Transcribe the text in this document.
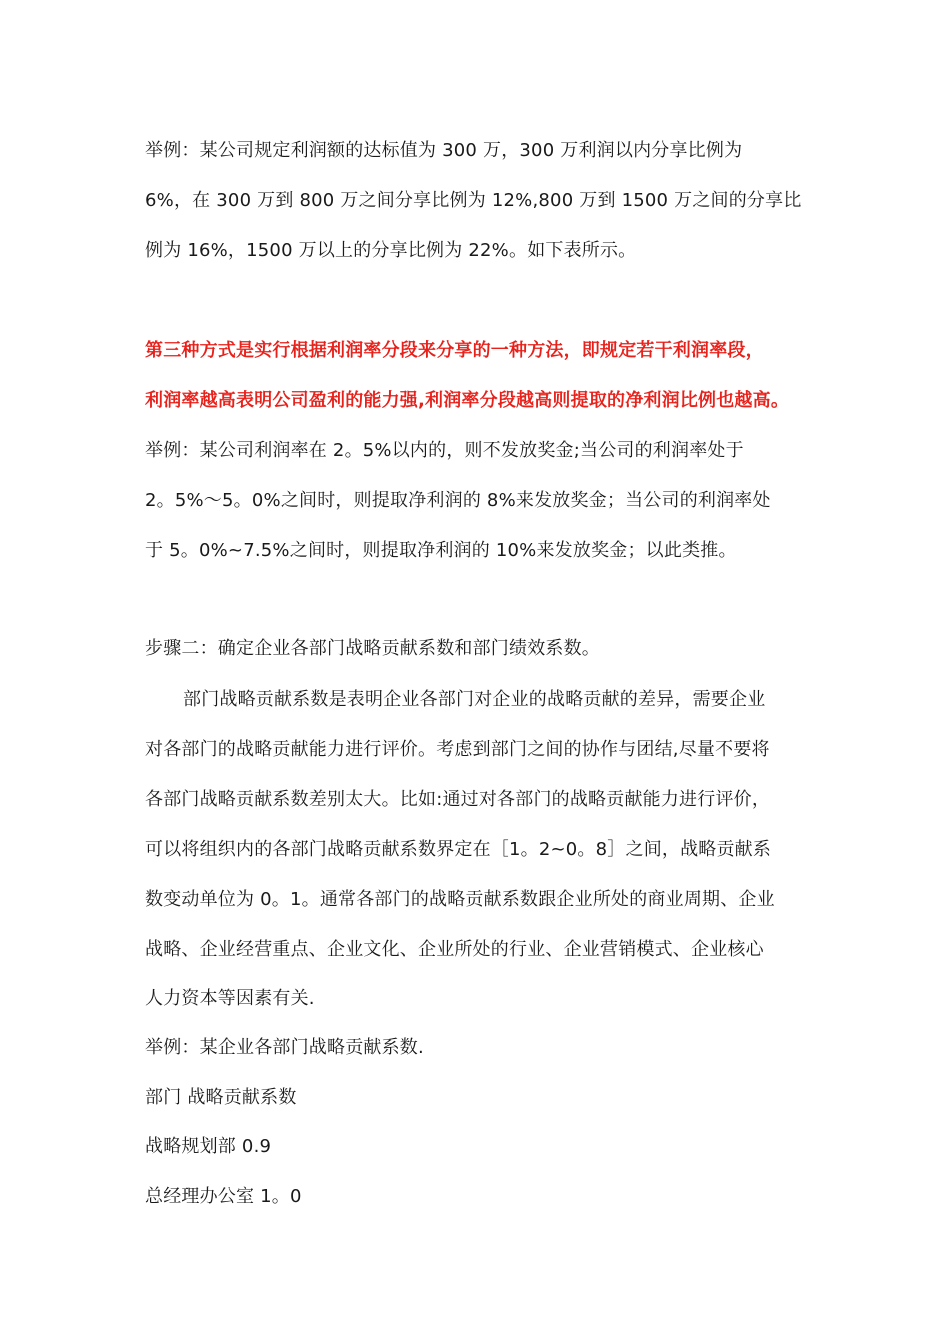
举例：某公司规定利润额的达标值为 300 万，300 万利润以内分享比例为
6%，在 300 万到 800 万之间分享比例为 12%,800 万到 1500 万之间的分享比
例为 16%，1500 万以上的分享比例为 22%。如下表所示。
第三种方式是实行根据利润率分段来分享的一种方法，即规定若干利润率段，
利润率越高表明公司盈利的能力强,利润率分段越高则提取的净利润比例也越高。
举例：某公司利润率在 2。5%以内的，则不发放奖金;当公司的利润率处于
2。5%～5。0%之间时，则提取净利润的 8%来发放奖金；当公司的利润率处
于 5。0%~7.5%之间时，则提取净利润的 10%来发放奖金；以此类推。
步骤二：确定企业各部门战略贡献系数和部门绩效系数。
部门战略贡献系数是表明企业各部门对企业的战略贡献的差异，需要企业
对各部门的战略贡献能力进行评价。考虑到部门之间的协作与团结,尽量不要将
各部门战略贡献系数差别太大。比如:通过对各部门的战略贡献能力进行评价，
可以将组织内的各部门战略贡献系数界定在［1。2~0。8］之间，战略贡献系
数变动单位为 0。1。通常各部门的战略贡献系数跟企业所处的商业周期、企业
战略、企业经营重点、企业文化、企业所处的行业、企业营销模式、企业核心
人力资本等因素有关.
举例：某企业各部门战略贡献系数.
部门 战略贡献系数
战略规划部 0.9
总经理办公室 1。0
